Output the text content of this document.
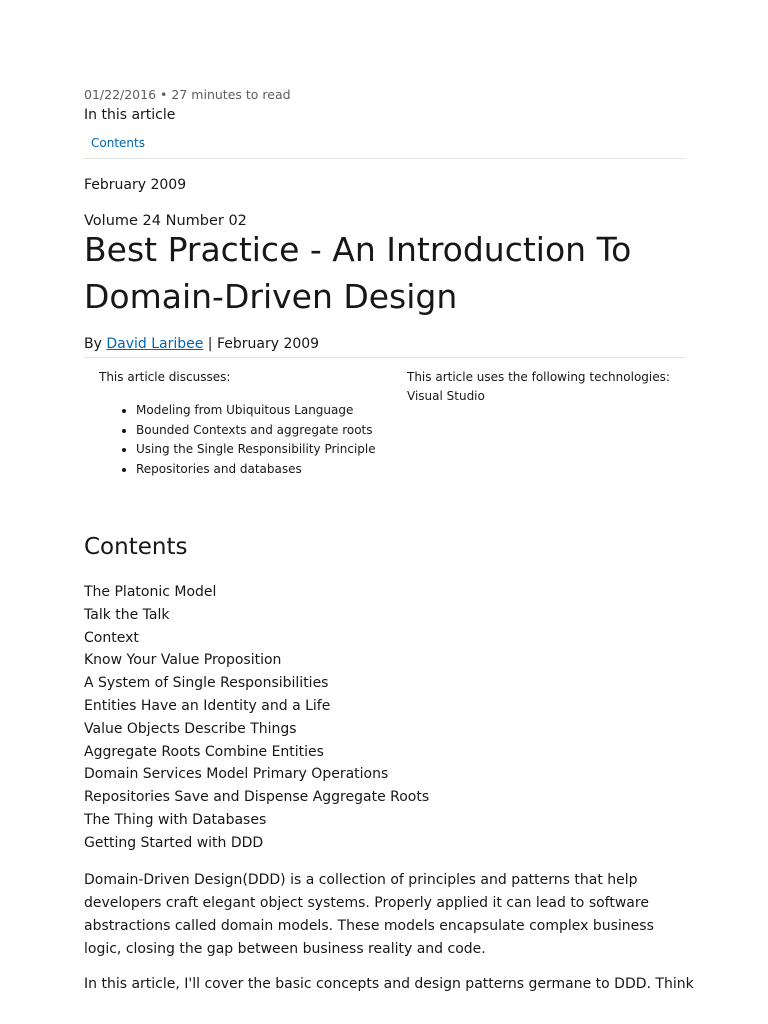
01/22/2016 • 27 minutes to read
In this article
Contents
February 2009
Volume 24 Number 02
Best Practice - An Introduction To Domain-Driven Design
By David Laribee | February 2009
This article discusses:
• Modeling from Ubiquitous Language
• Bounded Contexts and aggregate roots
• Using the Single Responsibility Principle
• Repositories and databases
This article uses the following technologies:
Visual Studio
Contents
The Platonic Model
Talk the Talk
Context
Know Your Value Proposition
A System of Single Responsibilities
Entities Have an Identity and a Life
Value Objects Describe Things
Aggregate Roots Combine Entities
Domain Services Model Primary Operations
Repositories Save and Dispense Aggregate Roots
The Thing with Databases
Getting Started with DDD

Domain-Driven Design(DDD) is a collection of principles and patterns that help developers craft elegant object systems. Properly applied it can lead to software abstractions called domain models. These models encapsulate complex business logic, closing the gap between business reality and code.

In this article, I'll cover the basic concepts and design patterns germane to DDD. Think
